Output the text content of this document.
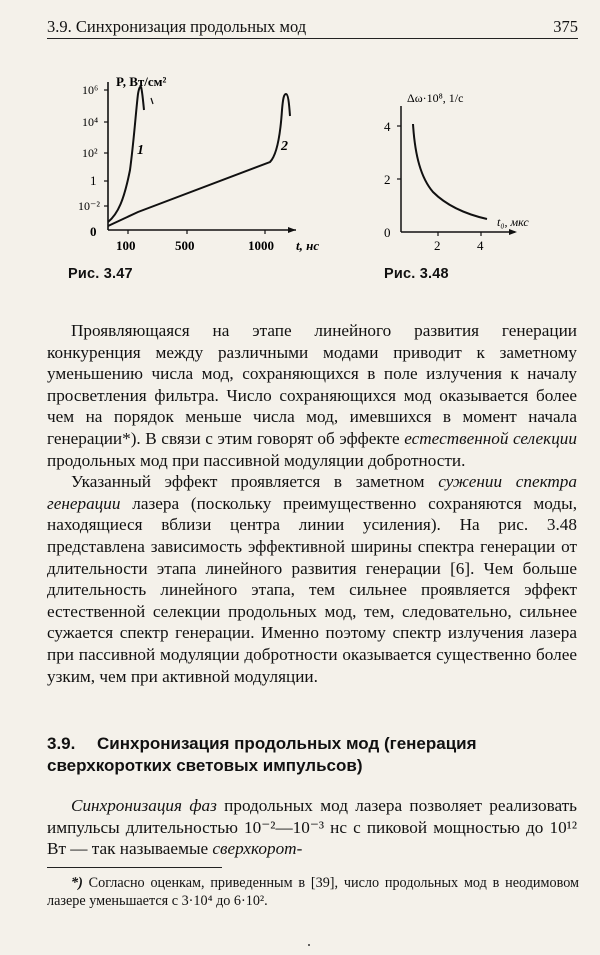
3.9. Синхронизация продольных мод	375
10⁶
10⁴
10²
1
10⁻²
0
100	500	1000
P, Вт/см²
t, нс
1	2
Рис. 3.47
4
2
0
2	4
Δω·10⁸, 1/с
t₀, мкс
Рис. 3.48

Проявляющаяся на этапе линейного развития генерации конкуренция между различными модами приводит к заметному уменьшению числа мод, сохраняющихся в поле излучения к началу просветления фильтра. Число сохраняющихся мод оказывается более чем на порядок меньше числа мод, имевшихся в момент начала генерации*). В связи с этим говорят об эффекте естественной селекции продольных мод при пассивной модуляции добротности.

Указанный эффект проявляется в заметном сужении спектра генерации лазера (поскольку преимущественно сохраняются моды, находящиеся вблизи центра линии усиления). На рис. 3.48 представлена зависимость эффективной ширины спектра генерации от длительности этапа линейного развития генерации [6]. Чем больше длительность линейного этапа, тем сильнее проявляется эффект естественной селекции продольных мод, тем, следовательно, сильнее сужается спектр генерации. Именно поэтому спектр излучения лазера при пассивной модуляции добротности оказывается существенно более узким, чем при активной модуляции.

3.9. Синхронизация продольных мод (генерация сверхкоротких световых импульсов)

Синхронизация фаз продольных мод лазера позволяет реализовать импульсы длительностью 10⁻²—10⁻³ нс с пиковой мощностью до 10¹² Вт — так называемые сверхкорот-

*) Согласно оценкам, приведенным в [39], число продольных мод в неодимовом лазере уменьшается с 3·10⁴ до 6·10².
